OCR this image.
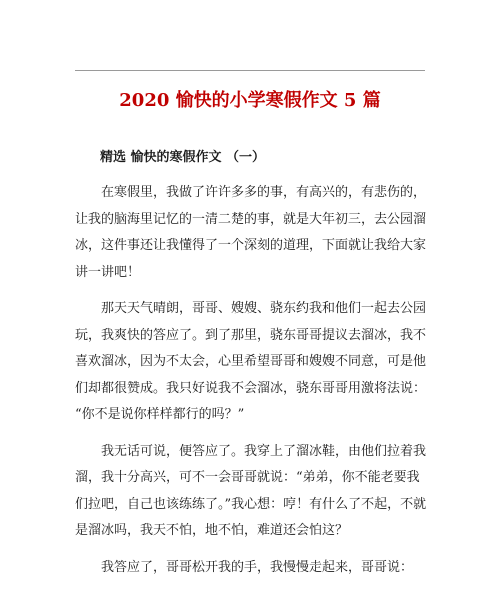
2020 愉快的小学寒假作文 5 篇
精选 愉快的寒假作文 （一）

在寒假里，我做了许许多多的事，有高兴的，有悲伤的，
让我的脑海里记忆的一清二楚的事，就是大年初三，去公园溜
冰，这件事还让我懂得了一个深刻的道理，下面就让我给大家
讲一讲吧！

那天天气晴朗，哥哥、嫂嫂、骁东约我和他们一起去公园
玩，我爽快的答应了。到了那里，骁东哥哥提议去溜冰，我不
喜欢溜冰，因为不太会，心里希望哥哥和嫂嫂不同意，可是他
们却都很赞成。我只好说我不会溜冰，骁东哥哥用激将法说：
“你不是说你样样都行的吗？”

我无话可说，便答应了。我穿上了溜冰鞋，由他们拉着我
溜，我十分高兴，可不一会哥哥就说：“弟弟，你不能老要我
们拉吧，自己也该练练了。”我心想：哼！有什么了不起，不就
是溜冰吗，我天不怕，地不怕，难道还会怕这？

我答应了，哥哥松开我的手，我慢慢走起来，哥哥说：
